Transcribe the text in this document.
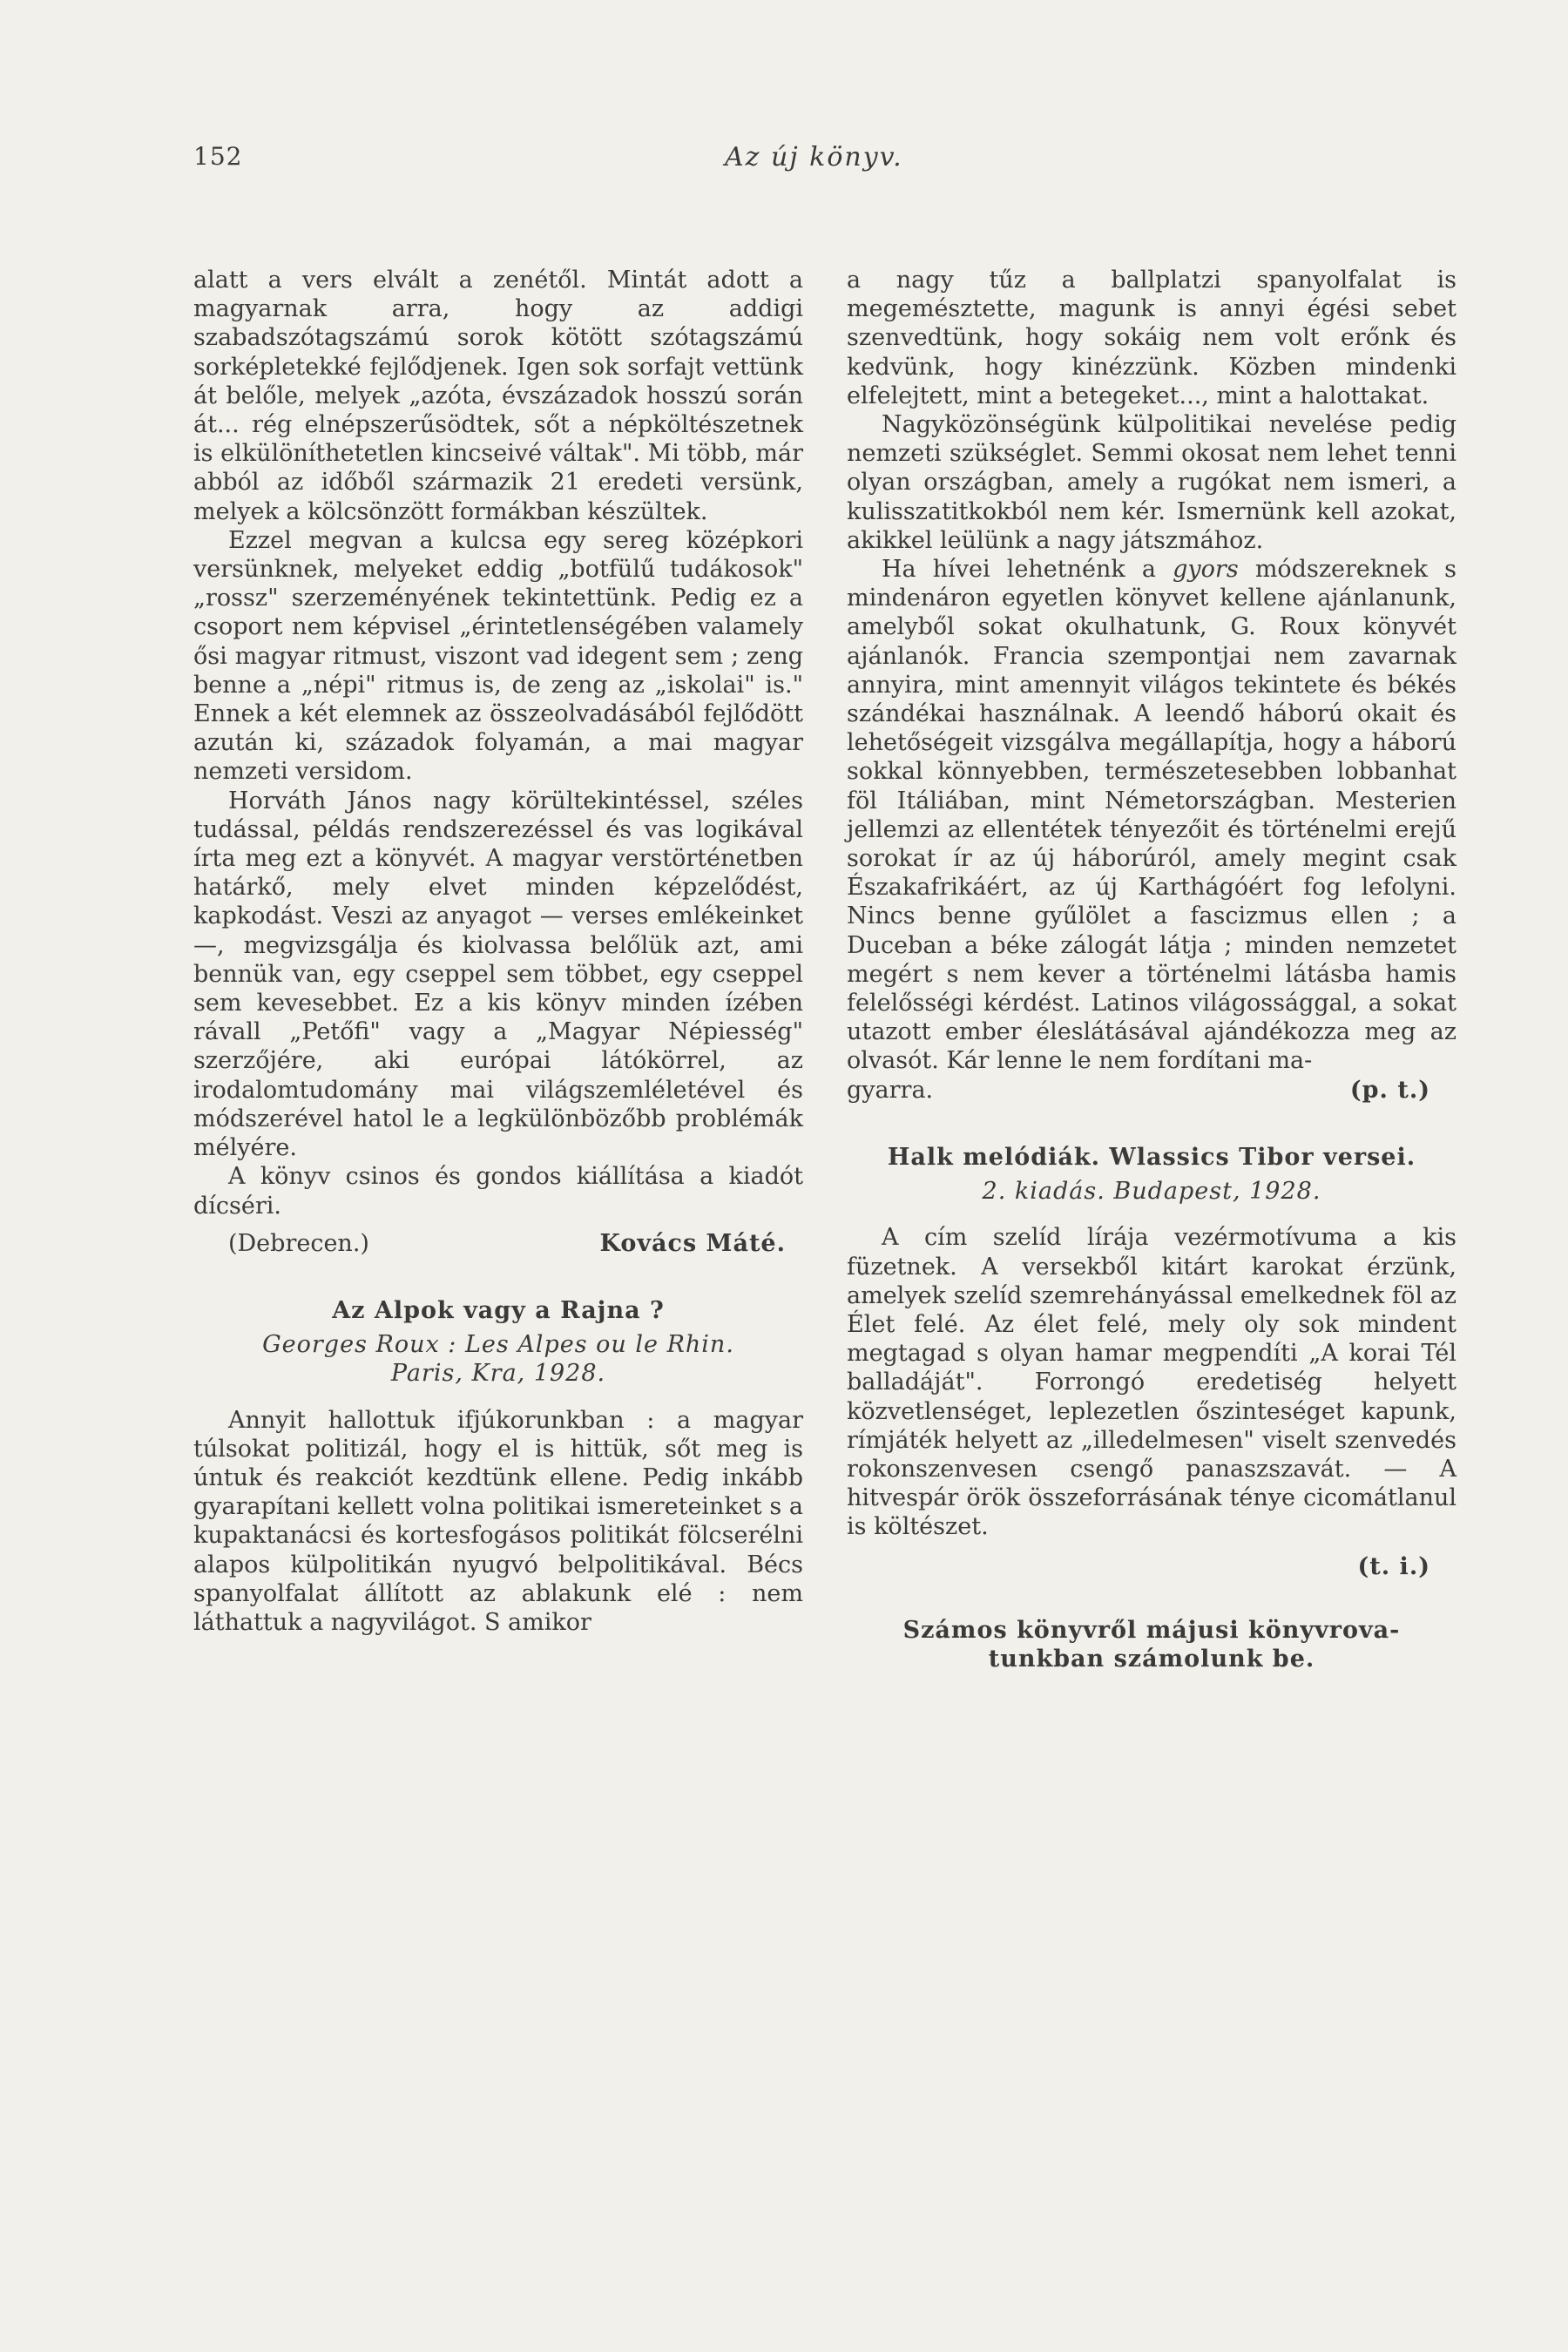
152	Az új könyv.

alatt a vers elvált a zenétől. Mintát adott a magyarnak arra, hogy az addigi szabadszótagszámú sorok kötött szótagszámú sorképletekké fejlődjenek. Igen sok sorfajt vettünk át belőle, melyek „azóta, évszázadok hosszú során át... rég elnépszerűsödtek, sőt a népköltészetnek is elkülöníthetetlen kincseivé váltak". Mi több, már abból az időből származik 21 eredeti versünk, melyek a kölcsönzött formákban készültek.

Ezzel megvan a kulcsa egy sereg középkori versünknek, melyeket eddig „botfülű tudákosok" „rossz" szerzeményének tekintettünk. Pedig ez a csoport nem képvisel „érintetlenségében valamely ősi magyar ritmust, viszont vad idegent sem ; zeng benne a „népi" ritmus is, de zeng az „iskolai" is." Ennek a két elemnek az összeolvadásából fejlődött azután ki, századok folyamán, a mai magyar nemzeti versidom.

Horváth János nagy körültekintéssel, széles tudással, példás rendszerezéssel és vas logikával írta meg ezt a könyvét. A magyar verstörténetben határkő, mely elvet minden képzelődést, kapkodást. Veszi az anyagot — verses emlékeinket —, megvizsgálja és kiolvassa belőlük azt, ami bennük van, egy cseppel sem többet, egy cseppel sem kevesebbet. Ez a kis könyv minden ízében rávall „Petőfi" vagy a „Magyar Népiesség" szerzőjére, aki európai látókörrel, az irodalomtudomány mai világszemléletével és módszerével hatol le a legkülönbözőbb problémák mélyére.

A könyv csinos és gondos kiállítása a kiadót dícséri.

(Debrecen.)	Kovács Máté.
Az Alpok vagy a Rajna ?
Georges Roux : Les Alpes ou le Rhin.
Paris, Kra, 1928.

Annyit hallottuk ifjúkorunkban : a magyar túlsokat politizál, hogy el is hittük, sőt meg is úntuk és reakciót kezdtünk ellene. Pedig inkább gyarapítani kellett volna politikai ismereteinket s a kupaktanácsi és kortesfogásos politikát fölcserélni alapos külpolitikán nyugvó belpolitikával. Bécs spanyolfalat állított az ablakunk elé : nem láthattuk a nagyvilágot. S amikor

a nagy tűz a ballplatzi spanyolfalat is megemésztette, magunk is annyi égési sebet szenvedtünk, hogy sokáig nem volt erőnk és kedvünk, hogy kinézzünk. Közben mindenki elfelejtett, mint a betegeket..., mint a halottakat.

Nagyközönségünk külpolitikai nevelése pedig nemzeti szükséglet. Semmi okosat nem lehet tenni olyan országban, amely a rugókat nem ismeri, a kulisszatitkokból nem kér. Ismernünk kell azokat, akikkel leülünk a nagy játszmához.

Ha hívei lehetnénk a gyors módszereknek s mindenáron egyetlen könyvet kellene ajánlanunk, amelyből sokat okulhatunk, G. Roux könyvét ajánlanók. Francia szempontjai nem zavarnak annyira, mint amennyit világos tekintete és békés szándékai használnak. A leendő háború okait és lehetőségeit vizsgálva megállapítja, hogy a háború sokkal könnyebben, természetesebben lobbanhat föl Itáliában, mint Németországban. Mesterien jellemzi az ellentétek tényezőit és történelmi erejű sorokat ír az új háborúról, amely megint csak Északafrikáért, az új Karthágóért fog lefolyni. Nincs benne gyűlölet a fascizmus ellen ; a Duceban a béke zálogát látja ; minden nemzetet megért s nem kever a történelmi látásba hamis felelősségi kérdést. Latinos világossággal, a sokat utazott ember éleslátásával ajándékozza meg az olvasót. Kár lenne le nem fordítani ma-

gyarra.	(p. t.)
Halk melódiák. Wlassics Tibor versei.
2. kiadás. Budapest, 1928.

A cím szelíd lírája vezérmotívuma a kis füzetnek. A versekből kitárt karokat érzünk, amelyek szelíd szemrehányással emelkednek föl az Élet felé. Az élet felé, mely oly sok mindent megtagad s olyan hamar megpendíti „A korai Tél balladáját". Forrongó eredetiség helyett közvetlenséget, leplezetlen őszinteséget kapunk, rímjáték helyett az „illedelmesen" viselt szenvedés rokonszenvesen csengő panaszszavát. — A hitvespár örök összeforrásának ténye cicomátlanul is költészet.

(t. i.)
Számos könyvről májusi könyvrova-
tunkban számolunk be.
